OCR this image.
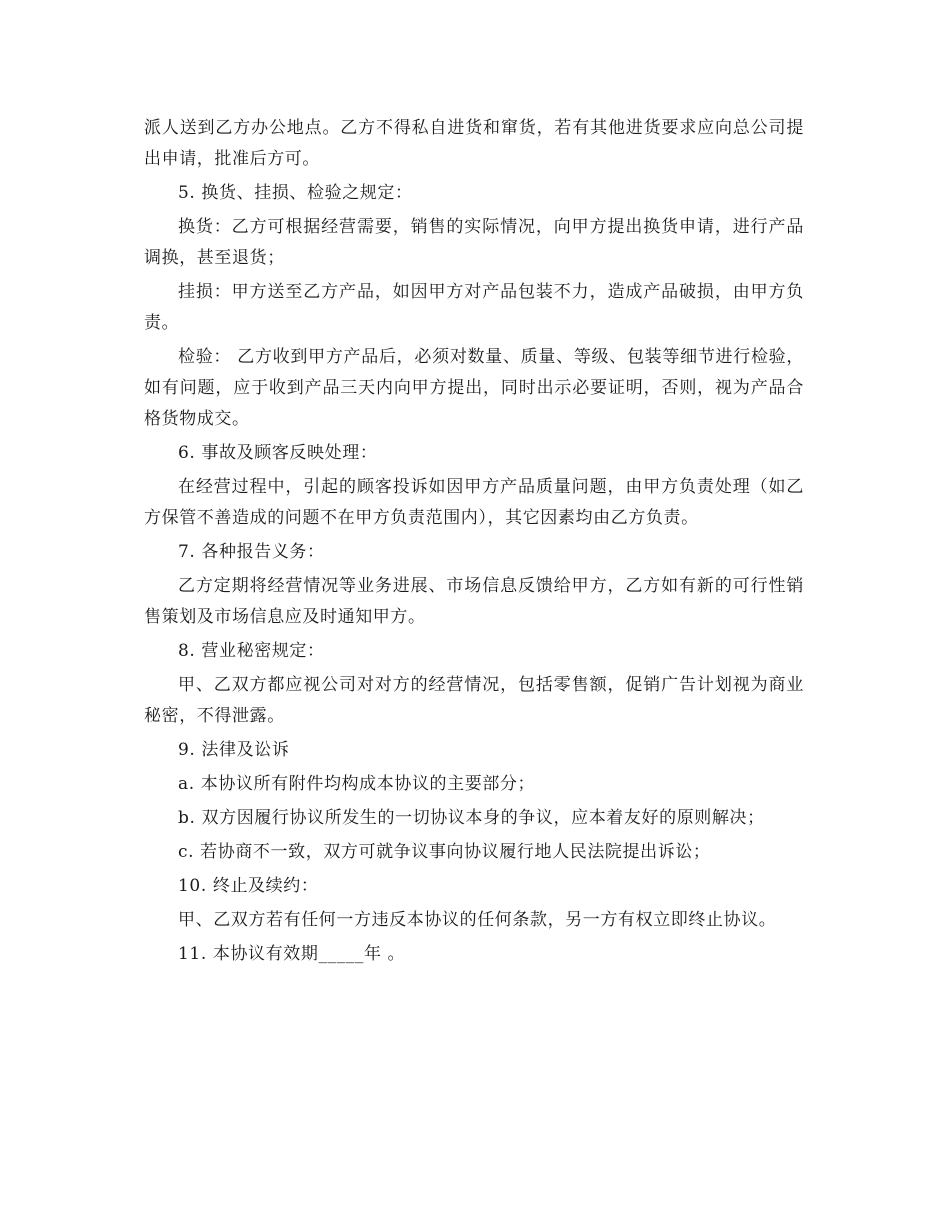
派人送到乙方办公地点。乙方不得私自进货和窜货，若有其他进货要求应向总公司提出申请，批准后方可。

5. 换货、挂损、检验之规定：

换货：乙方可根据经营需要，销售的实际情况，向甲方提出换货申请，进行产品调换，甚至退货；

挂损：甲方送至乙方产品，如因甲方对产品包装不力，造成产品破损，由甲方负责。

检验： 乙方收到甲方产品后，必须对数量、质量、等级、包装等细节进行检验，如有问题，应于收到产品三天内向甲方提出，同时出示必要证明，否则，视为产品合格货物成交。

6. 事故及顾客反映处理：

在经营过程中，引起的顾客投诉如因甲方产品质量问题，由甲方负责处理（如乙方保管不善造成的问题不在甲方负责范围内），其它因素均由乙方负责。

7. 各种报告义务：

乙方定期将经营情况等业务进展、市场信息反馈给甲方，乙方如有新的可行性销售策划及市场信息应及时通知甲方。

8. 营业秘密规定：

甲、乙双方都应视公司对对方的经营情况，包括零售额，促销广告计划视为商业秘密，不得泄露。

9. 法律及讼诉

a. 本协议所有附件均构成本协议的主要部分；

b. 双方因履行协议所发生的一切协议本身的争议，应本着友好的原则解决；

c. 若协商不一致，双方可就争议事向协议履行地人民法院提出诉讼；

10. 终止及续约：

甲、乙双方若有任何一方违反本协议的任何条款，另一方有权立即终止协议。

11. 本协议有效期_____年 。
